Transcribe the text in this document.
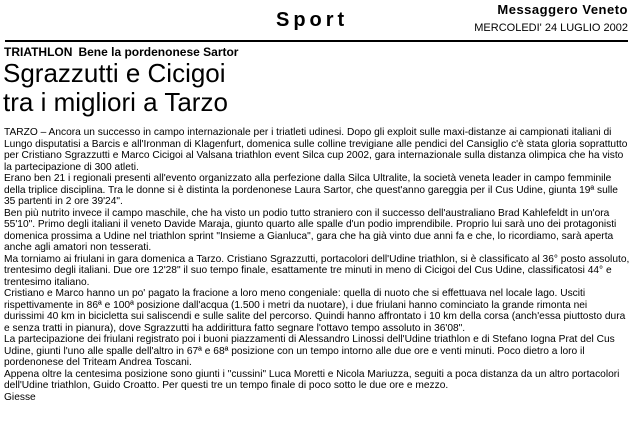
Sport	Messaggero Veneto
MERCOLEDI' 24 LUGLIO 2002
TRIATHLON Bene la pordenonese Sartor
Sgrazzutti e Cicigoi
tra i migliori a Tarzo

TARZO – Ancora un successo in campo internazionale per i triatleti udinesi. Dopo gli exploit sulle maxi-distanze ai campionati italiani di Lungo disputatisi a Barcis e all'Ironman di Klagenfurt, domenica sulle colline trevigiane alle pendici del Cansiglio c'è stata gloria soprattutto per Cristiano Sgrazzutti e Marco Cicigoi al Valsana triathlon event Silca cup 2002, gara internazionale sulla distanza olimpica che ha visto la partecipazione di 300 atleti.

Erano ben 21 i regionali presenti all'evento organizzato alla perfezione dalla Silca Ultralite, la società veneta leader in campo femminile della triplice disciplina. Tra le donne si è distinta la pordenonese Laura Sartor, che quest'anno gareggia per il Cus Udine, giunta 19ª sulle 35 partenti in 2 ore 39'24".

Ben più nutrito invece il campo maschile, che ha visto un podio tutto straniero con il successo dell'australiano Brad Kahlefeldt in un'ora 55'10". Primo degli italiani il veneto Davide Maraja, giunto quarto alle spalle d'un podio imprendibile. Proprio lui sarà uno dei protagonisti domenica prossima a Udine nel triathlon sprint "Insieme a Gianluca", gara che ha già vinto due anni fa e che, lo ricordiamo, sarà aperta anche agli amatori non tesserati.

Ma torniamo ai friulani in gara domenica a Tarzo. Cristiano Sgrazzutti, portacolori dell'Udine triathlon, si è classificato al 36° posto assoluto, trentesimo degli italiani. Due ore 12'28" il suo tempo finale, esattamente tre minuti in meno di Cicigoi del Cus Udine, classificatosi 44° e trentesimo italiano.

Cristiano e Marco hanno un po' pagato la fracione a loro meno congeniale: quella di nuoto che si effettuava nel locale lago. Usciti rispettivamente in 86ª e 100ª posizione dall'acqua (1.500 i metri da nuotare), i due friulani hanno cominciato la grande rimonta nei durissimi 40 km in bicicletta sui saliscendi e sulle salite del percorso. Quindi hanno affrontato i 10 km della corsa (anch'essa piuttosto dura e senza tratti in pianura), dove Sgrazzutti ha addirittura fatto segnare l'ottavo tempo assoluto in 36'08".

La partecipazione dei friulani registrato poi i buoni piazzamenti di Alessandro Linossi dell'Udine triathlon e di Stefano Iogna Prat del Cus Udine, giunti l'uno alle spalle dell'altro in 67ª e 68ª posizione con un tempo intorno alle due ore e venti minuti. Poco dietro a loro il pordenonese del Triteam Andrea Toscani.

Appena oltre la centesima posizione sono giunti i "cussini" Luca Moretti e Nicola Mariuzza, seguiti a poca distanza da un altro portacolori dell'Udine triathlon, Guido Croatto. Per questi tre un tempo finale di poco sotto le due ore e mezzo.

Giesse
